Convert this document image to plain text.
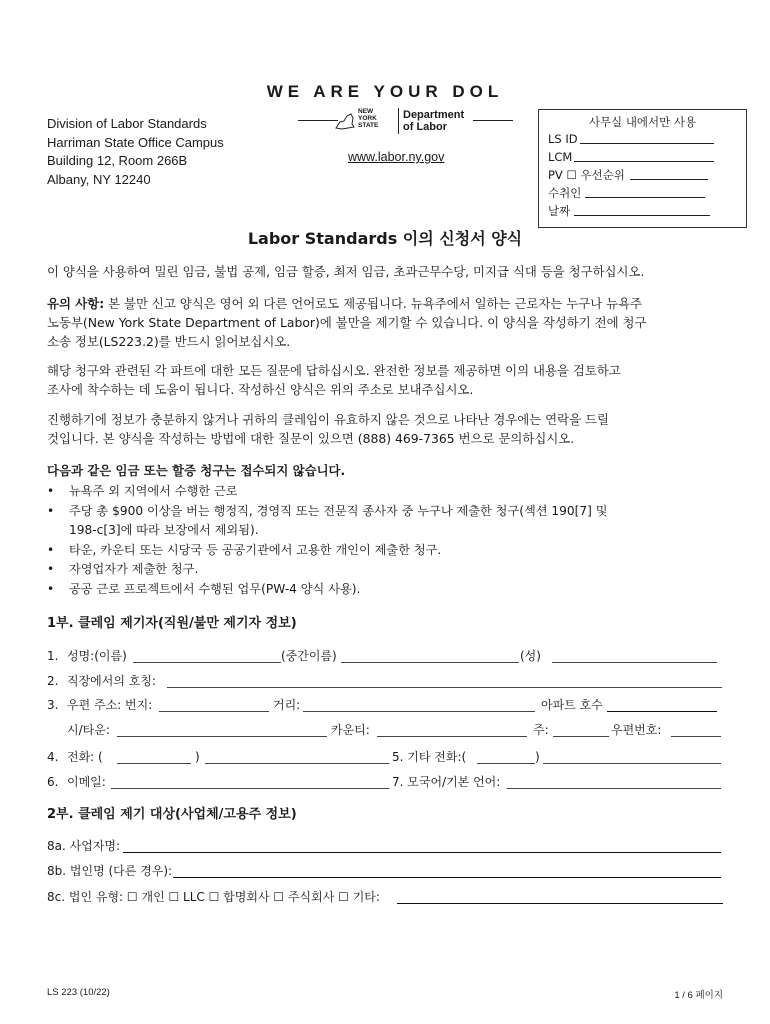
WE ARE YOUR DOL
NEW
YORK
STATE
Department
of Labor
www.labor.ny.gov
Division of Labor Standards
Harriman State Office Campus
Building 12, Room 266B
Albany, NY 12240
사무실 내에서만 사용
LS ID
LCM
PV ☐ 우선순위
수취인
날짜
Labor Standards 이의 신청서 양식
이 양식을 사용하여 밀린 임금, 불법 공제, 임금 할증, 최저 임금, 초과근무수당, 미지급 식대 등을 청구하십시오.
유의 사항: 본 불만 신고 양식은 영어 외 다른 언어로도 제공됩니다. 뉴욕주에서 일하는 근로자는 누구나 뉴욕주
노동부(New York State Department of Labor)에 불만을 제기할 수 있습니다. 이 양식을 작성하기 전에 청구
소송 정보(LS223.2)를 반드시 읽어보십시오.
해당 청구와 관련된 각 파트에 대한 모든 질문에 답하십시오. 완전한 정보를 제공하면 이의 내용을 검토하고
조사에 착수하는 데 도움이 됩니다. 작성하신 양식은 위의 주소로 보내주십시오.
진행하기에 정보가 충분하지 않거나 귀하의 클레임이 유효하지 않은 것으로 나타난 경우에는 연락을 드릴
것입니다. 본 양식을 작성하는 방법에 대한 질문이 있으면 (888) 469-7365 번으로 문의하십시오.
다음과 같은 임금 또는 할증 청구는 접수되지 않습니다.
•	뉴욕주 외 지역에서 수행한 근로
•	주당 총 $900 이상을 버는 행정직, 경영직 또는 전문직 종사자 중 누구나 제출한 청구(섹션 190[7] 및
198-c[3]에 따라 보장에서 제외됨).
•	타운, 카운티 또는 시당국 등 공공기관에서 고용한 개인이 제출한 청구.
•	자영업자가 제출한 청구.
•	공공 근로 프로젝트에서 수행된 업무(PW-4 양식 사용).
1부. 클레임 제기자(직원/불만 제기자 정보)
1. 성명:(이름)	(중간이름)	(성)
2. 직장에서의 호칭:
3. 우편 주소: 번지:	거리:	아파트 호수
시/타운:	카운티:	주:	우편번호:
4. 전화: (	)	5. 기타 전화:(	)
6. 이메일:	7. 모국어/기본 언어:
2부. 클레임 제기 대상(사업체/고용주 정보)
8a. 사업자명:
8b. 법인명 (다른 경우):
8c. 법인 유형: ☐ 개인 ☐ LLC ☐ 합명회사 ☐ 주식회사 ☐ 기타:
LS 223 (10/22)	1 / 6 페이지
